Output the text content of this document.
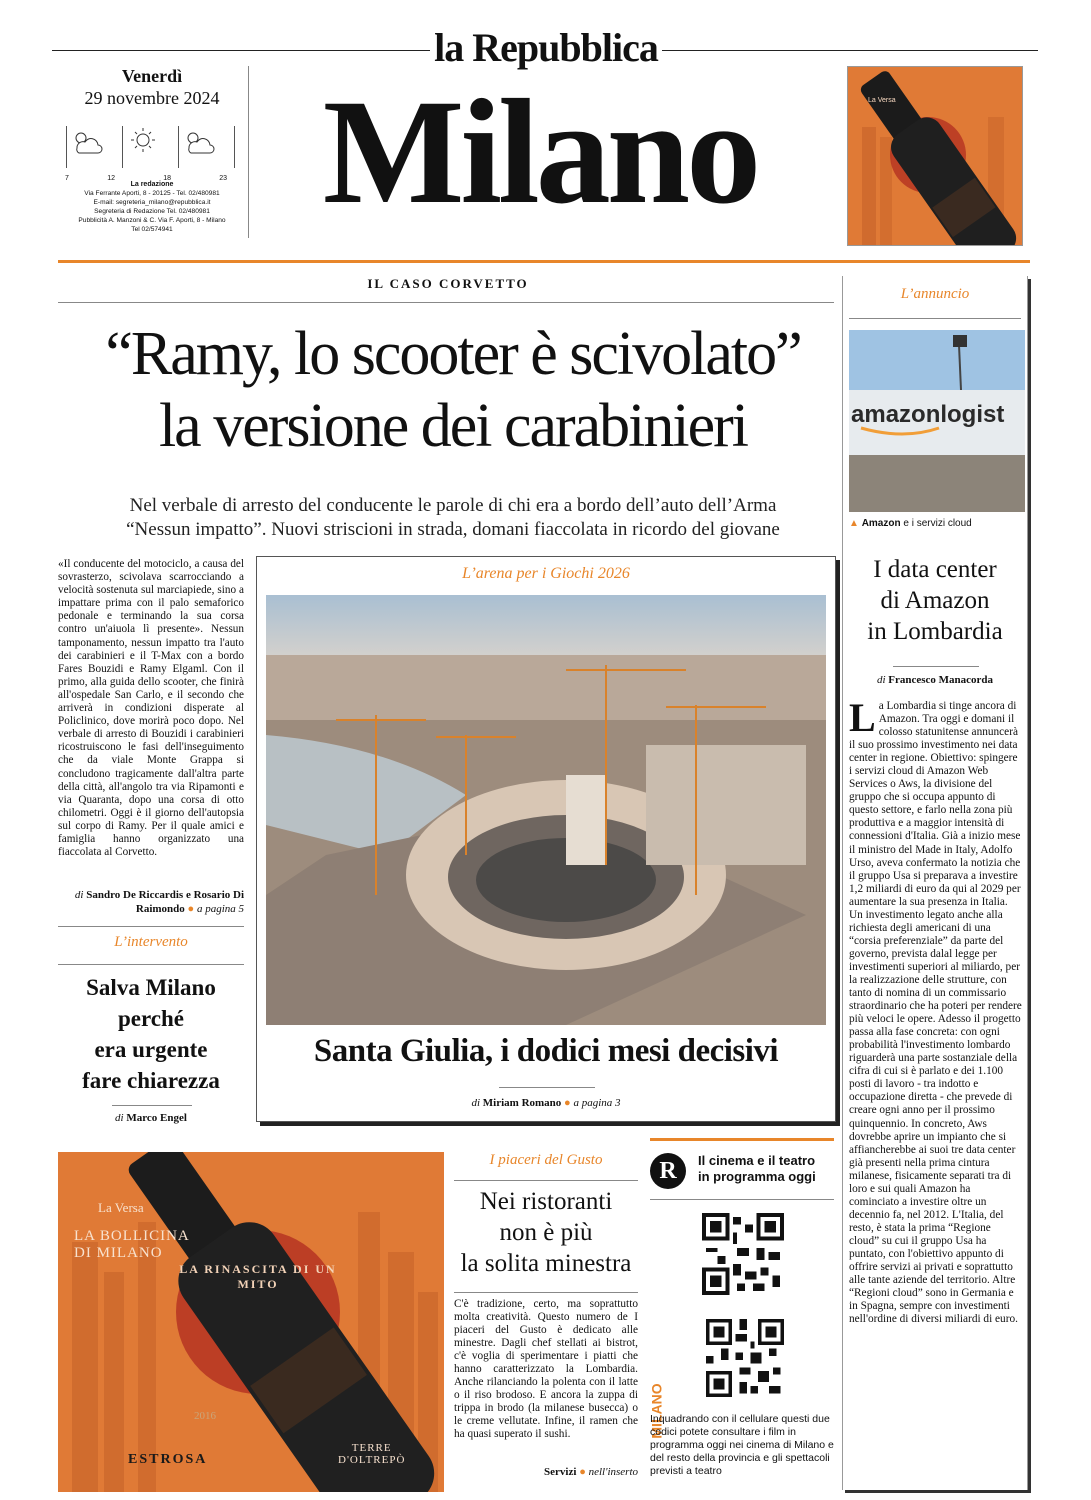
la Repubblica
Milano
Venerdì
29 novembre 2024
7	12	18	23
La redazione
Via Ferrante Aporti, 8 - 20125 - Tel. 02/480981
E-mail: segreteria_milano@repubblica.it
Segreteria di Redazione Tel. 02/480981
Pubblicità A. Manzoni & C. Via F. Aporti, 8 - Milano
Tel 02/574941
La Versa
IL CASO CORVETTO
“Ramy, lo scooter è scivolato”
la versione dei carabinieri
Nel verbale di arresto del conducente le parole di chi era a bordo dell’auto dell’Arma
“Nessun impatto”. Nuovi striscioni in strada, domani fiaccolata in ricordo del giovane
«Il conducente del motociclo, a causa del sovrasterzo, scivolava scarrocciando a velocità sostenuta sul marciapiede, sino a impattare prima con il palo semaforico pedonale e terminando la sua corsa contro un'aiuola lì presente». Nessun tamponamento, nessun impatto tra l'auto dei carabinieri e il T-Max con a bordo Fares Bouzidi e Ramy Elgaml. Con il primo, alla guida dello scooter, che finirà all'ospedale San Carlo, e il secondo che arriverà in condizioni disperate al Policlinico, dove morirà poco dopo. Nel verbale di arresto di Bouzidi i carabinieri ricostruiscono le fasi dell'inseguimento che da viale Monte Grappa si concludono tragicamente dall'altra parte della città, all'angolo tra via Ripamonti e via Quaranta, dopo una corsa di otto chilometri. Oggi è il giorno dell'autopsia sul corpo di Ramy. Per il quale amici e famiglia hanno organizzato una fiaccolata al Corvetto.
di Sandro De Riccardis e Rosario Di Raimondo ● a pagina 5
L’intervento
Salva Milano
perché
era urgente
fare chiarezza
di Marco Engel
L’arena per i Giochi 2026
Santa Giulia, i dodici mesi decisivi
di Miriam Romano ● a pagina 3
L’annuncio
amazonlogist
▲ Amazon e i servizi cloud
I data center
di Amazon
in Lombardia
di Francesco Manacorda
La Lombardia si tinge ancora di Amazon. Tra oggi e domani il colosso statunitense annuncerà il suo prossimo investimento nei data center in regione. Obiettivo: spingere i servizi cloud di Amazon Web Services o Aws, la divisione del gruppo che si occupa appunto di questo settore, e farlo nella zona più produttiva e a maggior intensità di connessioni d'Italia. Già a inizio mese il ministro del Made in Italy, Adolfo Urso, aveva confermato la notizia che il gruppo Usa si preparava a investire 1,2 miliardi di euro da qui al 2029 per aumentare la sua presenza in Italia. Un investimento legato anche alla richiesta degli americani di una “corsia preferenziale” da parte del governo, prevista dalal legge per investimenti superiori al miliardo, per la realizzazione delle strutture, con tanto di nomina di un commissario straordinario che ha poteri per rendere più veloci le opere. Adesso il progetto passa alla fase concreta: con ogni probabilità l'investimento lombardo riguarderà una parte sostanziale della cifra di cui si è parlato e dei 1.100 posti di lavoro - tra indotto e occupazione diretta - che prevede di creare ogni anno per il prossimo quinquennio. In concreto, Aws dovrebbe aprire un impianto che si affiancherebbe ai suoi tre data center già presenti nella prima cintura milanese, fisicamente separati tra di loro e sui quali Amazon ha cominciato a investire oltre un decennio fa, nel 2012. L'Italia, del resto, è stata la prima “Regione cloud” su cui il gruppo Usa ha puntato, con l'obiettivo appunto di offrire servizi ai privati e soprattutto alle tante aziende del territorio. Altre “Regioni cloud” sono in Germania e in Spagna, sempre con investimenti nell'ordine di diversi miliardi di euro.
La Versa
LA BOLLICINA
DI MILANO
LA RINASCITA DI UN MITO
2016
ESTROSA
TERRE
D'OLTREPÒ
I piaceri del Gusto
Nei ristoranti
non è più
la solita minestra
C'è tradizione, certo, ma soprattutto molta creatività. Questo numero de I piaceri del Gusto è dedicato alle minestre. Dagli chef stellati ai bistrot, c'è voglia di sperimentare i piatti che hanno caratterizzato la Lombardia. Anche rilanciando la polenta con il latte o il riso brodoso. E ancora la zuppa di trippa in brodo (la milanese busecca) o le creme vellutate. Infine, il ramen che ha quasi superato il sushi.
Servizi ● nell'inserto
R	Il cinema e il teatro
in programma oggi
MILANO
Inquadrando con il cellulare questi due codici potete consultare i film in programma oggi nei cinema di Milano e del resto della provincia e gli spettacoli previsti a teatro
